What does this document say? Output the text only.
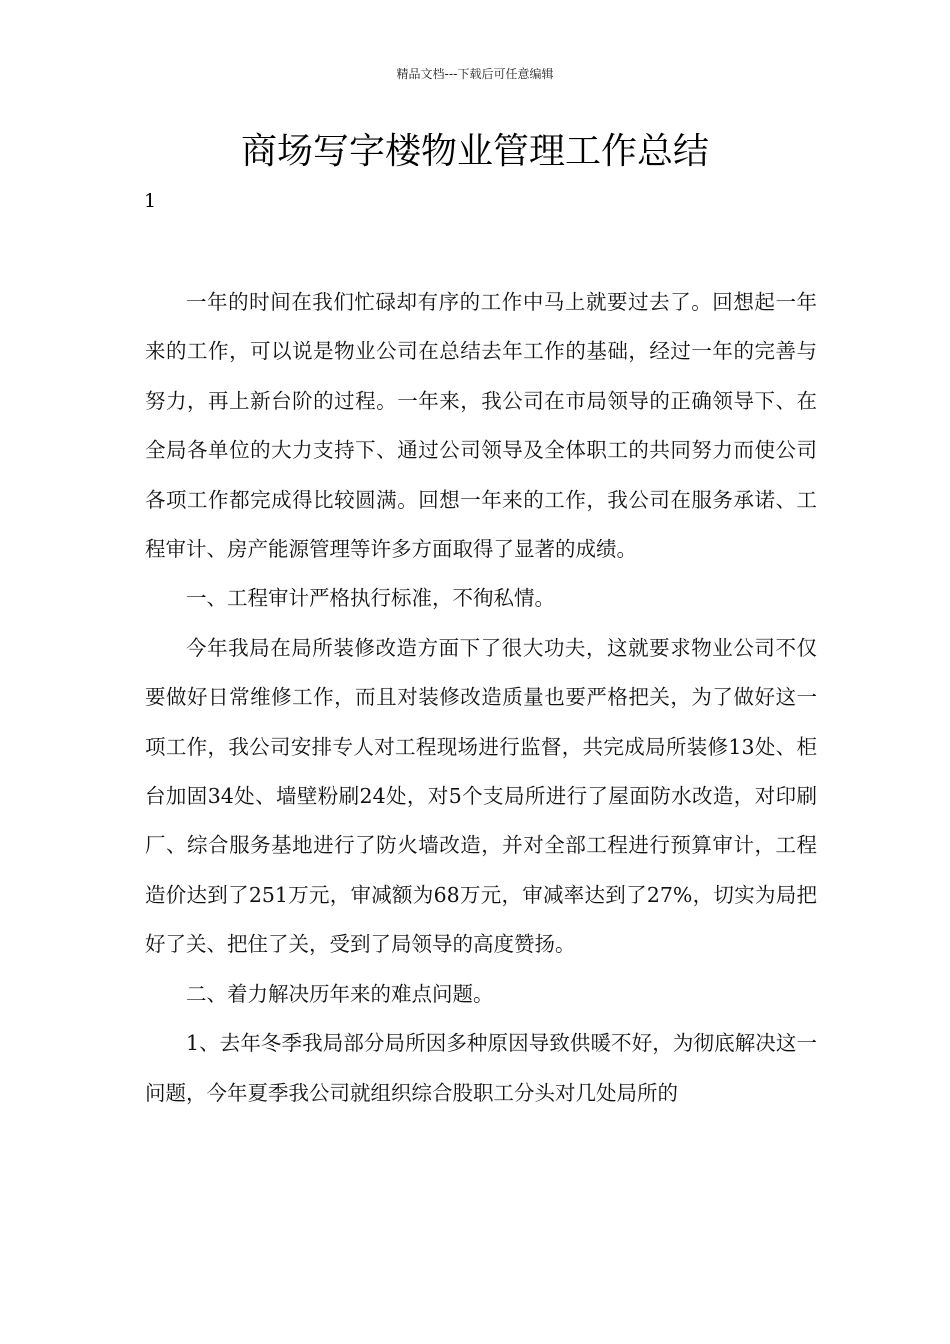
精品文档---下载后可任意编辑
商场写字楼物业管理工作总结
1

一年的时间在我们忙碌却有序的工作中马上就要过去了。回想起一年来的工作，可以说是物业公司在总结去年工作的基础，经过一年的完善与努力，再上新台阶的过程。一年来，我公司在市局领导的正确领导下、在全局各单位的大力支持下、通过公司领导及全体职工的共同努力而使公司各项工作都完成得比较圆满。回想一年来的工作，我公司在服务承诺、工程审计、房产能源管理等许多方面取得了显著的成绩。

一、工程审计严格执行标准，不徇私情。

今年我局在局所装修改造方面下了很大功夫，这就要求物业公司不仅要做好日常维修工作，而且对装修改造质量也要严格把关，为了做好这一项工作，我公司安排专人对工程现场进行监督，共完成局所装修13处、柜台加固34处、墙壁粉刷24处，对5个支局所进行了屋面防水改造，对印刷厂、综合服务基地进行了防火墙改造，并对全部工程进行预算审计，工程造价达到了251万元，审减额为68万元，审减率达到了27%，切实为局把好了关、把住了关，受到了局领导的高度赞扬。

二、着力解决历年来的难点问题。

1、去年冬季我局部分局所因多种原因导致供暖不好，为彻底解决这一问题，今年夏季我公司就组织综合股职工分头对几处局所的
